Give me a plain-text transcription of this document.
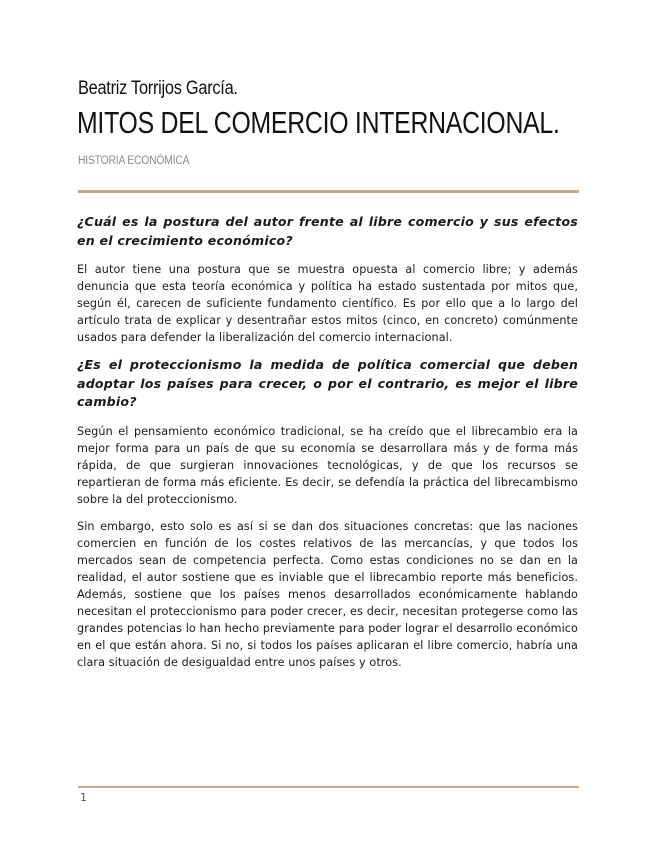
Beatriz Torrijos García.
MITOS DEL COMERCIO INTERNACIONAL.
HISTORIA ECONÓMICA
¿Cuál es la postura del autor frente al libre comercio y sus efectos en el crecimiento económico?

El autor tiene una postura que se muestra opuesta al comercio libre; y además denuncia que esta teoría económica y política ha estado sustentada por mitos que, según él, carecen de suficiente fundamento científico. Es por ello que a lo largo del artículo trata de explicar y desentrañar estos mitos (cinco, en concreto) comúnmente usados para defender la liberalización del comercio internacional.

¿Es el proteccionismo la medida de política comercial que deben adoptar los países para crecer, o por el contrario, es mejor el libre cambio?

Según el pensamiento económico tradicional, se ha creído que el librecambio era la mejor forma para un país de que su economía se desarrollara más y de forma más rápida, de que surgieran innovaciones tecnológicas, y de que los recursos se repartieran de forma más eficiente. Es decir, se defendía la práctica del librecambismo sobre la del proteccionismo.

Sin embargo, esto solo es así si se dan dos situaciones concretas: que las naciones comercien en función de los costes relativos de las mercancías, y que todos los mercados sean de competencia perfecta. Como estas condiciones no se dan en la realidad, el autor sostiene que es inviable que el librecambio reporte más beneficios. Además, sostiene que los países menos desarrollados económicamente hablando necesitan el proteccionismo para poder crecer, es decir, necesitan protegerse como las grandes potencias lo han hecho previamente para poder lograr el desarrollo económico en el que están ahora. Si no, si todos los países aplicaran el libre comercio, habría una clara situación de desigualdad entre unos países y otros.

1
